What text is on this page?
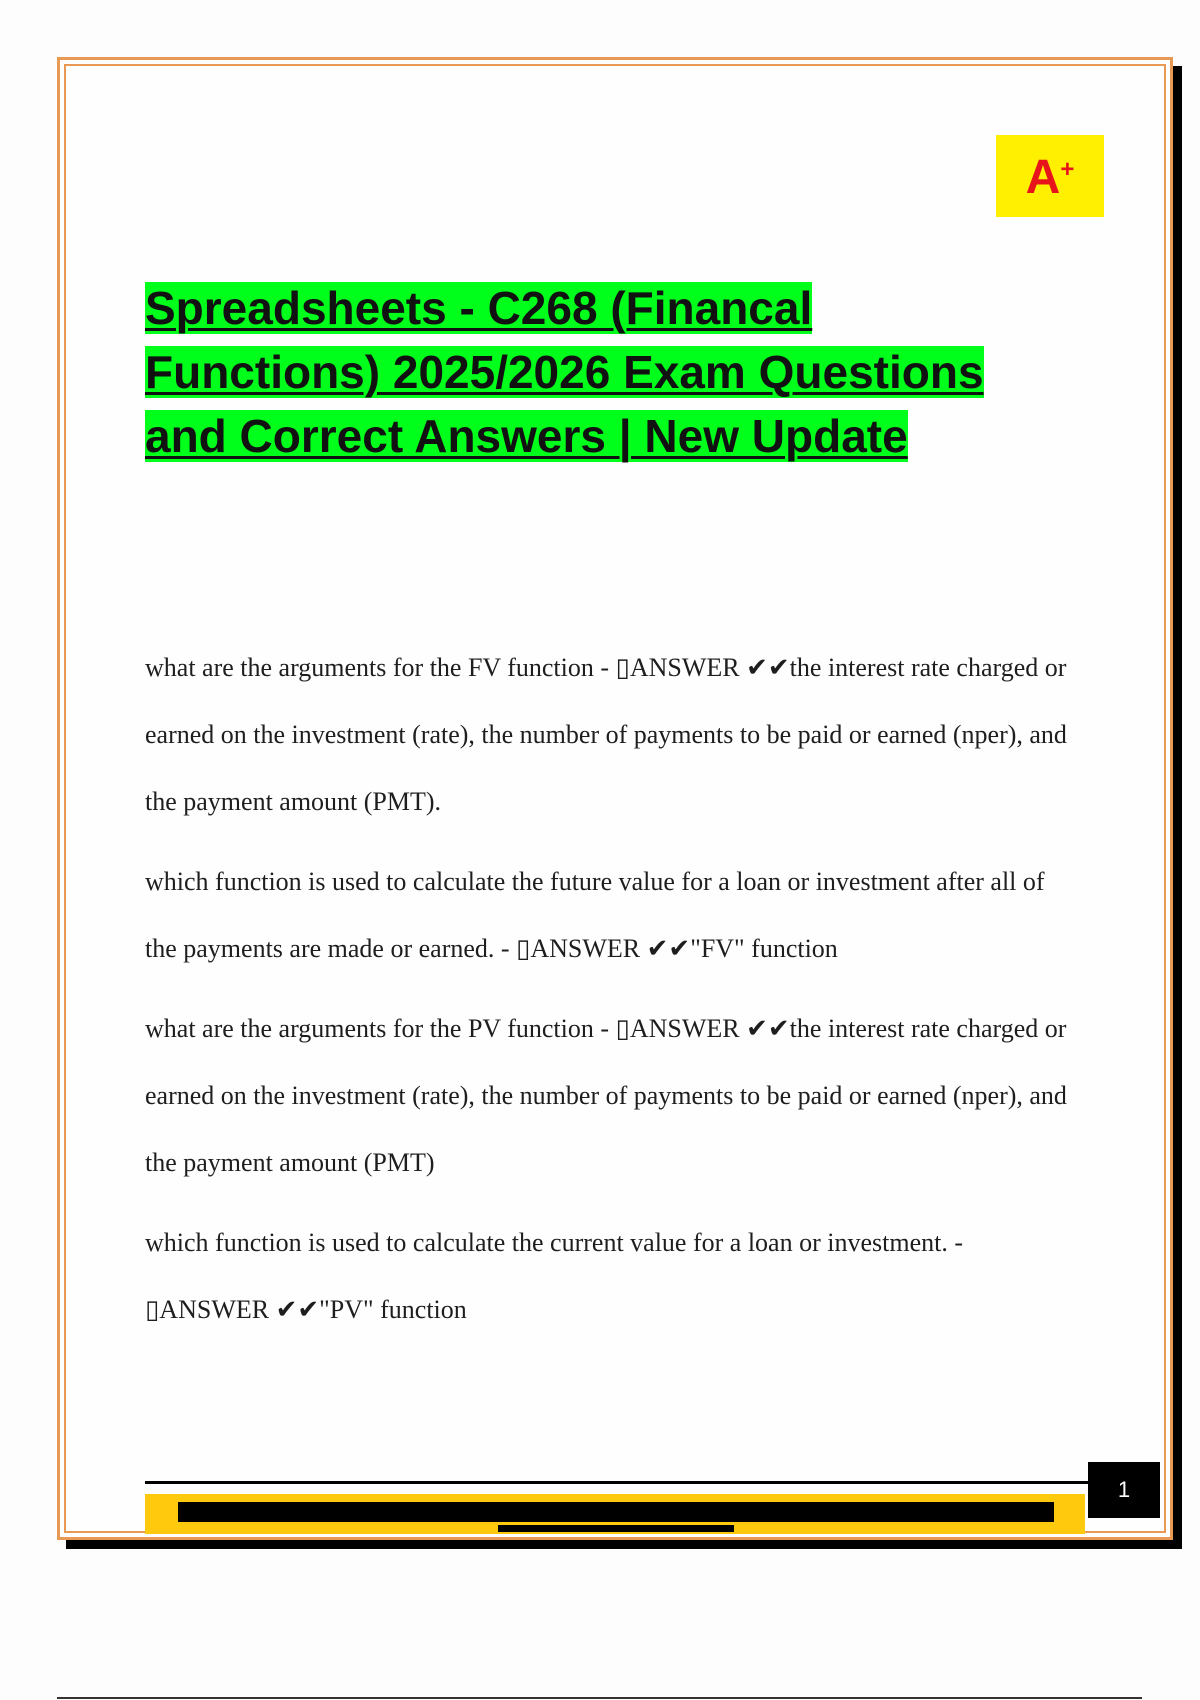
A +
Spreadsheets - C268 (Financal
Functions) 2025/2026 Exam Questions
and Correct Answers | New Update

what are the arguments for the FV function - ▯ANSWER ✔✔the interest rate charged or earned on the investment (rate), the number of payments to be paid or earned (nper), and the payment amount (PMT).

which function is used to calculate the future value for a loan or investment after all of the payments are made or earned. - ▯ANSWER ✔✔"FV" function

what are the arguments for the PV function - ▯ANSWER ✔✔the interest rate charged or earned on the investment (rate), the number of payments to be paid or earned (nper), and the payment amount (PMT)

which function is used to calculate the current value for a loan or investment. - ▯ANSWER ✔✔"PV" function

1
